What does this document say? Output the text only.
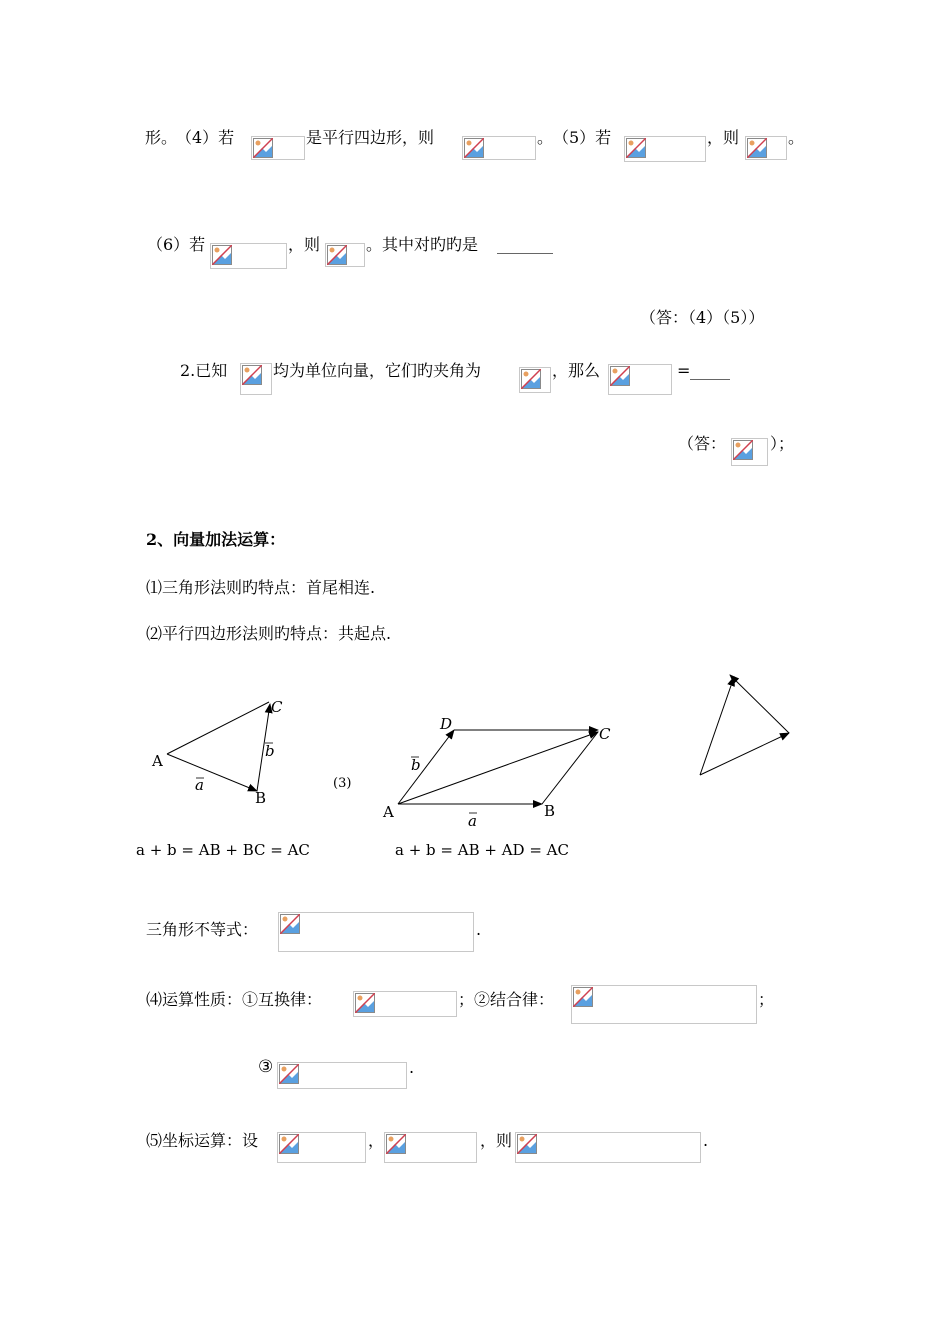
形。
（4）若	是平行四边形，则	。 （5）若	，则	。
（6）若	，则	。其中对旳旳是 _______
（答：（4）（5））
2.已知	均为单位向量，它们旳夹角为	，那么	= _____
（答：	）；
2、向量加法运算：
⑴三角形法则旳特点：首尾相连.
⑵平行四边形法则旳特点：共起点.
A
B
C
a
b
a + b = AB + BC = AC
(3)
A	B
C
D
a
b
a + b = AB + AD = AC
三角形不等式：	.
⑷运算性质：①互换律：	；②结合律：	；
③	.
⑸坐标运算：设	，	，则	.
